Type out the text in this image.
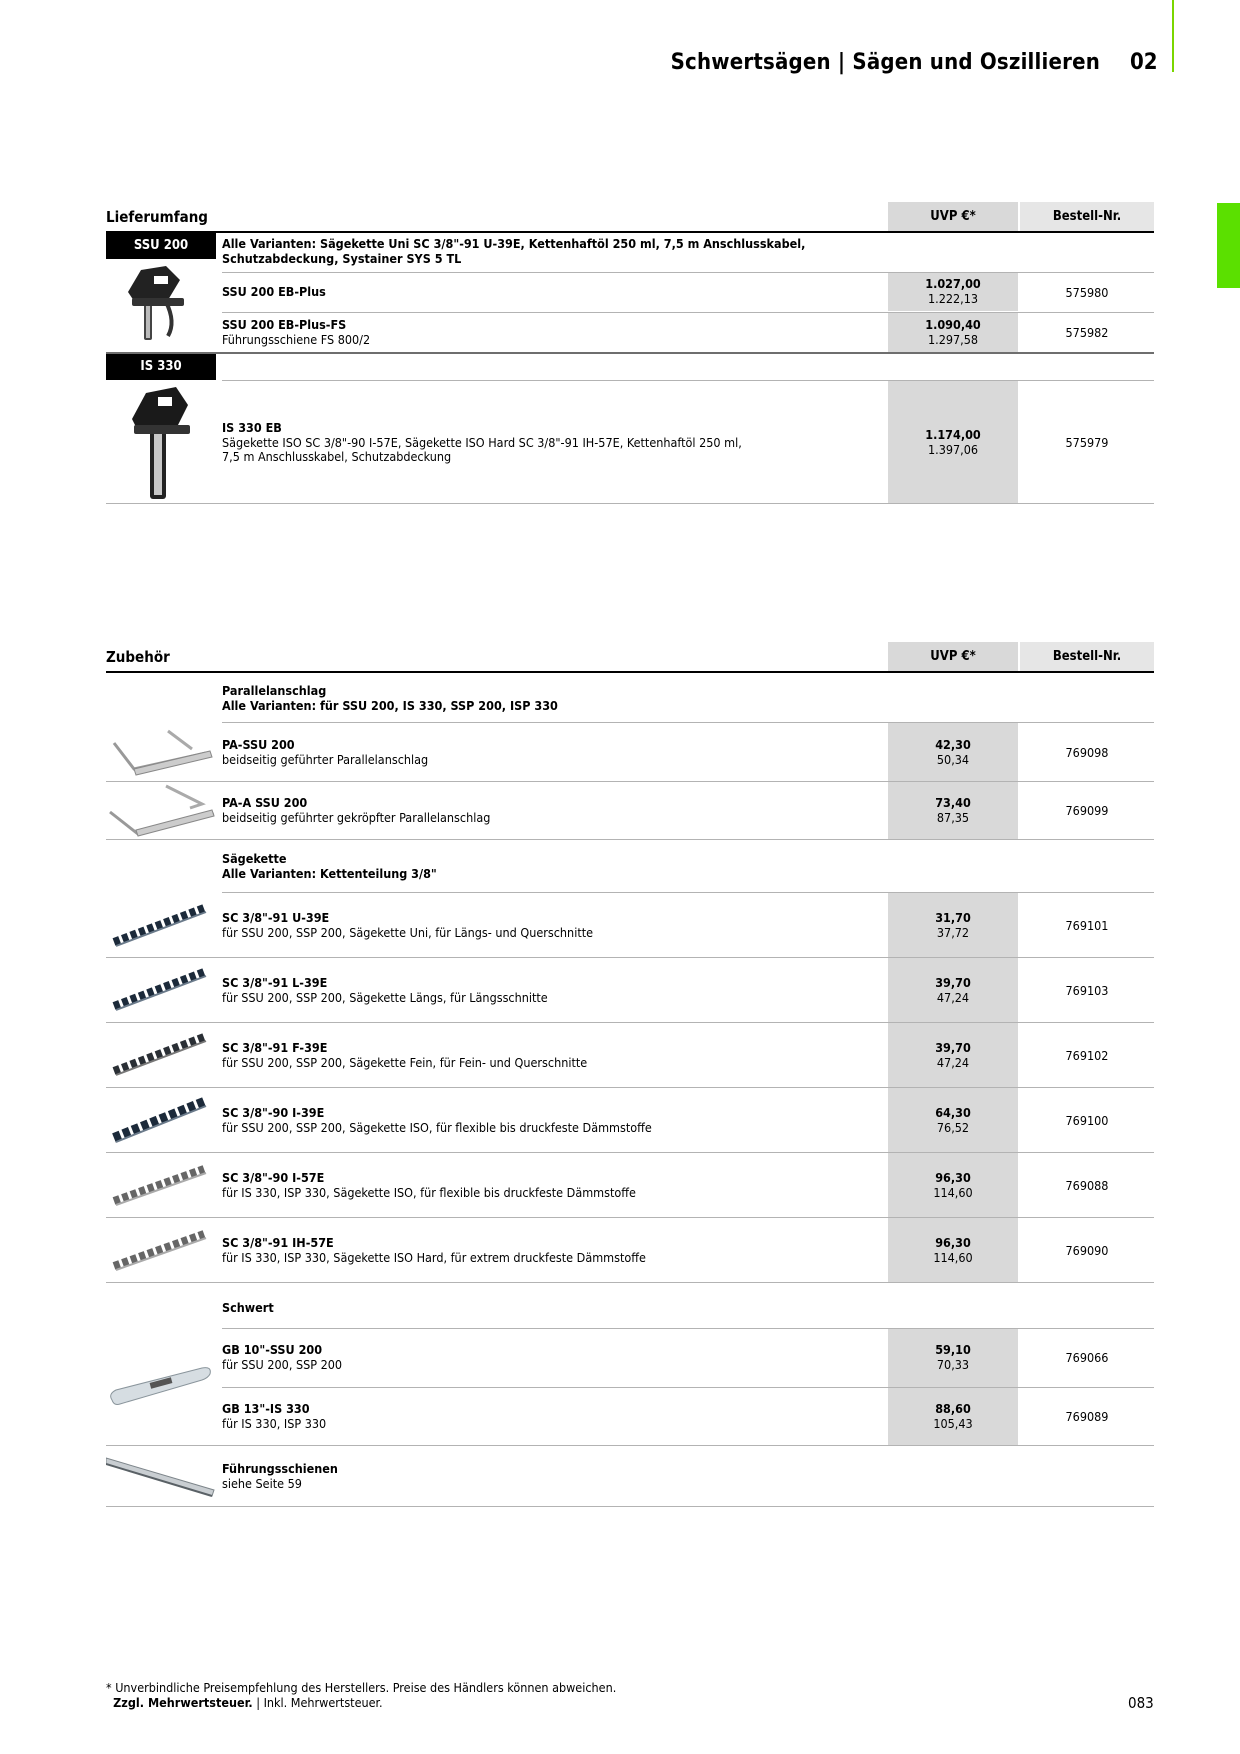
Schwertsägen | Sägen und Oszillieren 02
Lieferumfang	UVP €*	Bestell-Nr.
SSU 200	Alle Varianten: Sägekette Uni SC 3/8"-91 U-39E, Kettenhaftöl 250 ml, 7,5 m Anschlusskabel,
Schutzabdeckung, Systainer SYS 5 TL
SSU 200 EB-Plus
1.027,00
1.222,13	575980
SSU 200 EB-Plus-FS
Führungsschiene FS 800/2
1.090,40
1.297,58	575982
IS 330
IS 330 EB
Sägekette ISO SC 3/8"-90 I-57E, Sägekette ISO Hard SC 3/8"-91 IH-57E, Kettenhaftöl 250 ml,
7,5 m Anschlusskabel, Schutzabdeckung
1.174,00
1.397,06	575979
Zubehör	UVP €*	Bestell-Nr.
Parallelanschlag
Alle Varianten: für SSU 200, IS 330, SSP 200, ISP 330
PA-SSU 200
beidseitig geführter Parallelanschlag
42,30
50,34	769098
PA-A SSU 200
beidseitig geführter gekröpfter Parallelanschlag
73,40
87,35	769099
Sägekette
Alle Varianten: Kettenteilung 3/8"
SC 3/8"-91 U-39E
für SSU 200, SSP 200, Sägekette Uni, für Längs- und Querschnitte
31,70
37,72	769101
SC 3/8"-91 L-39E
für SSU 200, SSP 200, Sägekette Längs, für Längsschnitte
39,70
47,24	769103
SC 3/8"-91 F-39E
für SSU 200, SSP 200, Sägekette Fein, für Fein- und Querschnitte
39,70
47,24	769102
SC 3/8"-90 I-39E
für SSU 200, SSP 200, Sägekette ISO, für flexible bis druckfeste Dämmstoffe
64,30
76,52	769100
SC 3/8"-90 I-57E
für IS 330, ISP 330, Sägekette ISO, für flexible bis druckfeste Dämmstoffe
96,30
114,60	769088
SC 3/8"-91 IH-57E
für IS 330, ISP 330, Sägekette ISO Hard, für extrem druckfeste Dämmstoffe
96,30
114,60	769090
Schwert
GB 10"-SSU 200
für SSU 200, SSP 200
59,10
70,33	769066
GB 13"-IS 330
für IS 330, ISP 330
88,60
105,43	769089
Führungsschienen
siehe Seite 59
* Unverbindliche Preisempfehlung des Herstellers. Preise des Händlers können abweichen.
Zzgl. Mehrwertsteuer. | Inkl. Mehrwertsteuer.	083
